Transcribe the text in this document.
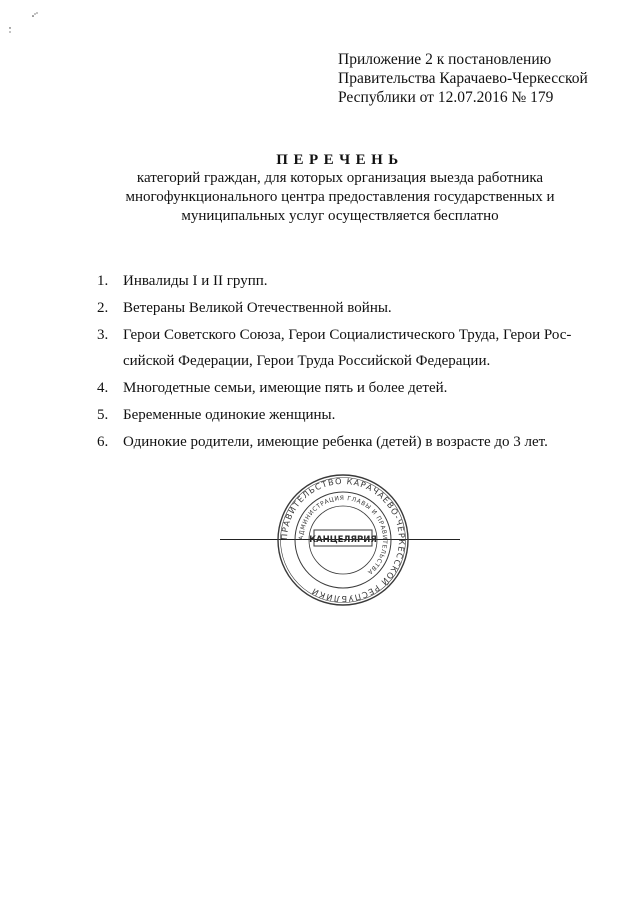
Приложение 2 к постановлению
Правительства Карачаево-Черкесской
Республики от 12.07.2016 № 179

ПЕРЕЧЕНЬ

категорий граждан, для которых организация выезда работника

многофункционального центра предоставления государственных и

муниципальных услуг осуществляется бесплатно

1. Инвалиды I и II групп.
2. Ветераны Великой Отечественной войны.
3. Герои Советского Союза, Герои Социалистического Труда, Герои Рос-сийской Федерации, Герои Труда Российской Федерации.
4. Многодетные семьи, имеющие пять и более детей.
5. Беременные одинокие женщины.
6. Одинокие родители, имеющие ребенка (детей) в возрасте до 3 лет.
ПРАВИТЕЛЬСТВО КАРАЧАЕВО-ЧЕРКЕССКОЙ РЕСПУБЛИКИ
АДМИНИСТРАЦИЯ ГЛАВЫ И ПРАВИТЕЛЬСТВА
КАНЦЕЛЯРИЯ
